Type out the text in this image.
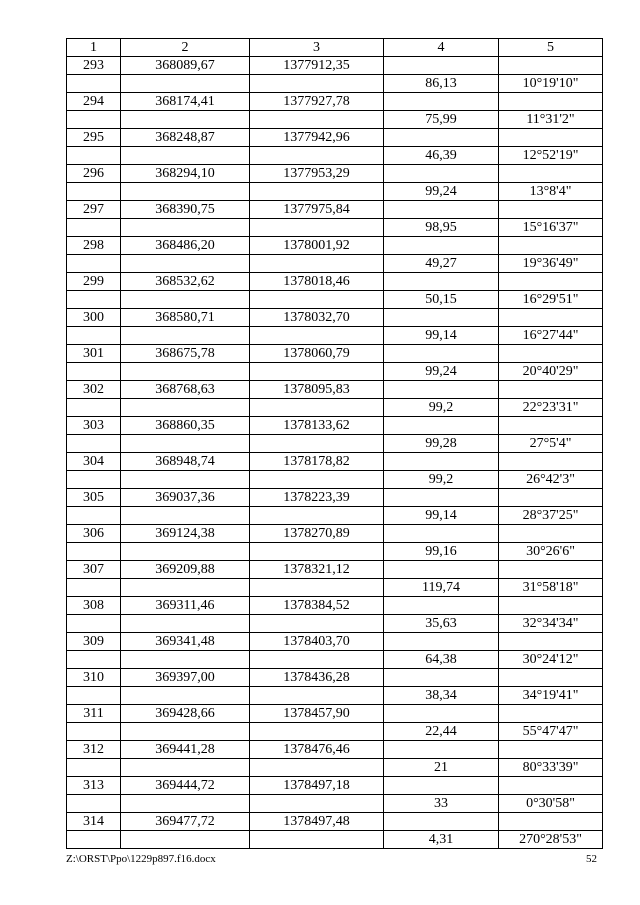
1	2	3	4	5
293	368089,67	1377912,35		
			86,13	10°19'10"
294	368174,41	1377927,78		
			75,99	11°31'2"
295	368248,87	1377942,96		
			46,39	12°52'19"
296	368294,10	1377953,29		
			99,24	13°8'4"
297	368390,75	1377975,84		
			98,95	15°16'37"
298	368486,20	1378001,92		
			49,27	19°36'49"
299	368532,62	1378018,46		
			50,15	16°29'51"
300	368580,71	1378032,70		
			99,14	16°27'44"
301	368675,78	1378060,79		
			99,24	20°40'29"
302	368768,63	1378095,83		
			99,2	22°23'31"
303	368860,35	1378133,62		
			99,28	27°5'4"
304	368948,74	1378178,82		
			99,2	26°42'3"
305	369037,36	1378223,39		
			99,14	28°37'25"
306	369124,38	1378270,89		
			99,16	30°26'6"
307	369209,88	1378321,12		
			119,74	31°58'18"
308	369311,46	1378384,52		
			35,63	32°34'34"
309	369341,48	1378403,70		
			64,38	30°24'12"
310	369397,00	1378436,28		
			38,34	34°19'41"
311	369428,66	1378457,90		
			22,44	55°47'47"
312	369441,28	1378476,46		
			21	80°33'39"
313	369444,72	1378497,18		
			33	0°30'58"
314	369477,72	1378497,48		
			4,31	270°28'53"
Z:\ORST\Ppo\1229p897.f16.docx	52
